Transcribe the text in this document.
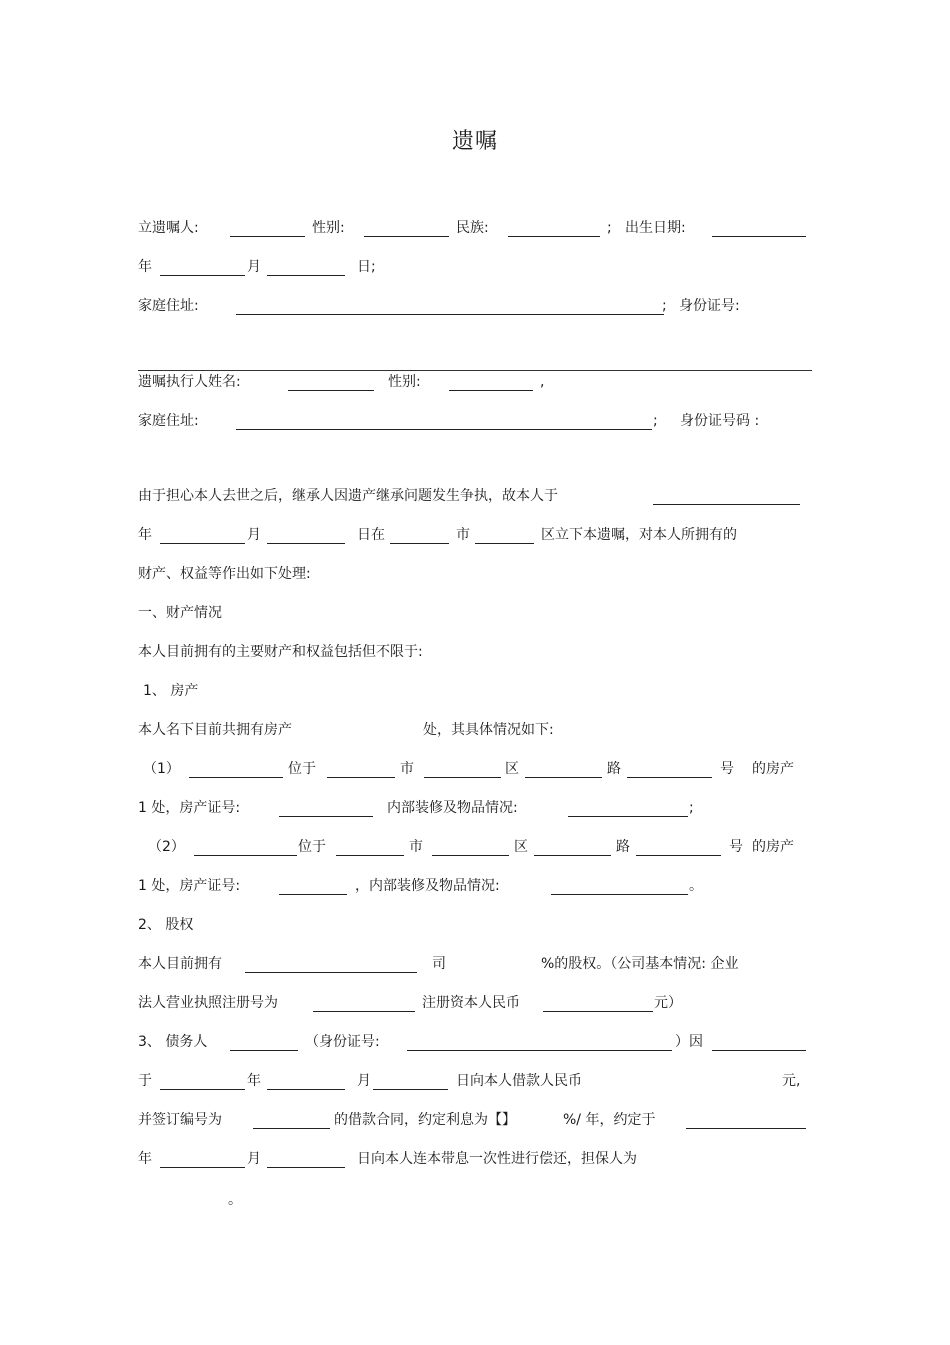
遗嘱
立遗嘱人:	性别:	民族:	; 出生日期:
年	月	日;
家庭住址:	; 身份证号:
遗嘱执行人姓名:	性别:	,
家庭住址:	; 身份证号码 :
由于担心本人去世之后，继承人因遗产继承问题发生争执，故本人于
年	月	日在	市	区立下本遗嘱，对本人所拥有的
财产、权益等作出如下处理:
一、财产情况
本人目前拥有的主要财产和权益包括但不限于:
1、 房产
本人名下目前共拥有房产	处，其具体情况如下:
（1）	位于	市	区	路	号 的房产
1 处，房产证号:	内部装修及物品情况:	;
（2）	位于	市	区	路	号 的房产
1 处，房产证号:	，内部装修及物品情况:	。
2、 股权
本人目前拥有	司	%的股权。（公司基本情况: 企业
法人营业执照注册号为	注册资本人民币	元）
3、 债务人	（身份证号:	）因
于	年	月	日向本人借款人民币	元,
并签订编号为	的借款合同，约定利息为【】	%/ 年，约定于
年	月	日向本人连本带息一次性进行偿还，担保人为
。
